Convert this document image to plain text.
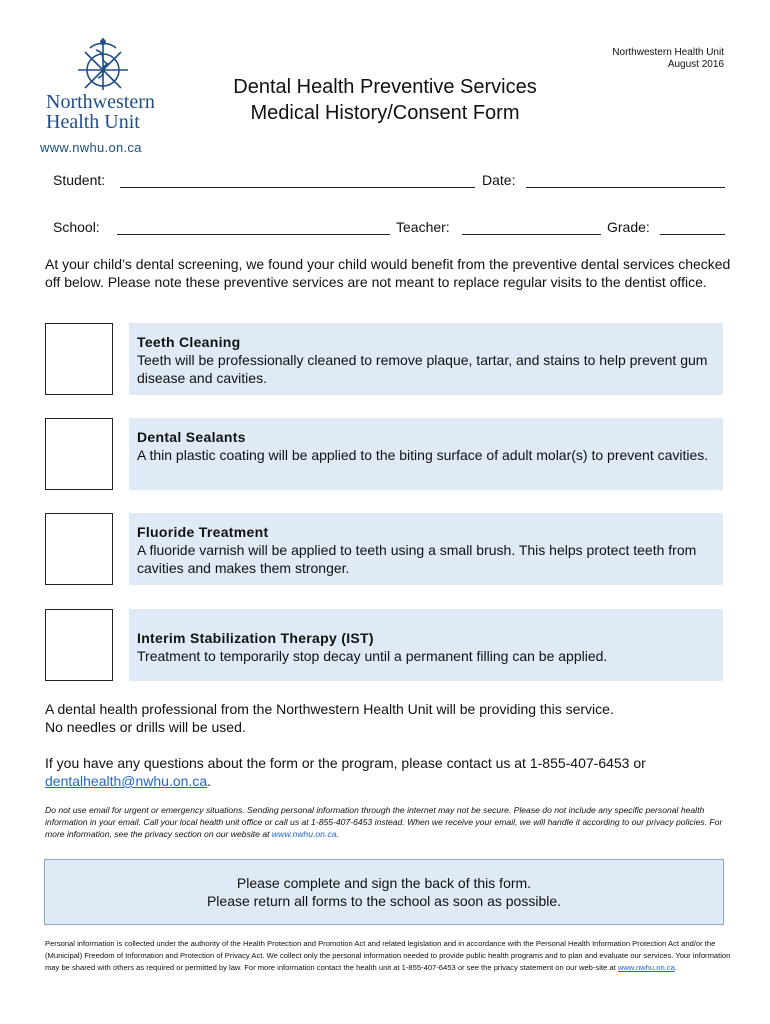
Northwestern
Health Unit
www.nwhu.on.ca
Northwestern Health Unit
August 2016
Dental Health Preventive Services
Medical History/Consent Form
Student:	Date:
School:	Teacher:	Grade:
At your child’s dental screening, we found your child would benefit from the preventive dental services checked off below. Please note these preventive services are not meant to replace regular visits to the dentist office.
Teeth Cleaning
Teeth will be professionally cleaned to remove plaque, tartar, and stains to help prevent gum disease and cavities.
Dental Sealants
A thin plastic coating will be applied to the biting surface of adult molar(s) to prevent cavities.
Fluoride Treatment
A fluoride varnish will be applied to teeth using a small brush. This helps protect teeth from cavities and makes them stronger.
Interim Stabilization Therapy (IST)
Treatment to temporarily stop decay until a permanent filling can be applied.
A dental health professional from the Northwestern Health Unit will be providing this service.
No needles or drills will be used.
If you have any questions about the form or the program, please contact us at 1-855-407-6453 or dentalhealth@nwhu.on.ca.
Do not use email for urgent or emergency situations. Sending personal information through the internet may not be secure. Please do not include any specific personal health information in your email. Call your local health unit office or call us at 1-855-407-6453 instead. When we receive your email, we will handle it according to our privacy policies. For more information, see the privacy section on our website at www.nwhu.on.ca.
Please complete and sign the back of this form.
Please return all forms to the school as soon as possible.
Personal information is collected under the authority of the Health Protection and Promotion Act and related legislation and in accordance with the Personal Health Information Protection Act and/or the (Municipal) Freedom of Information and Protection of Privacy Act. We collect only the personal information needed to provide public health programs and to plan and evaluate our services. Your information may be shared with others as required or permitted by law. For more information contact the health unit at 1-855-407-6453 or see the privacy statement on our web-site at www.nwhu.on.ca.
